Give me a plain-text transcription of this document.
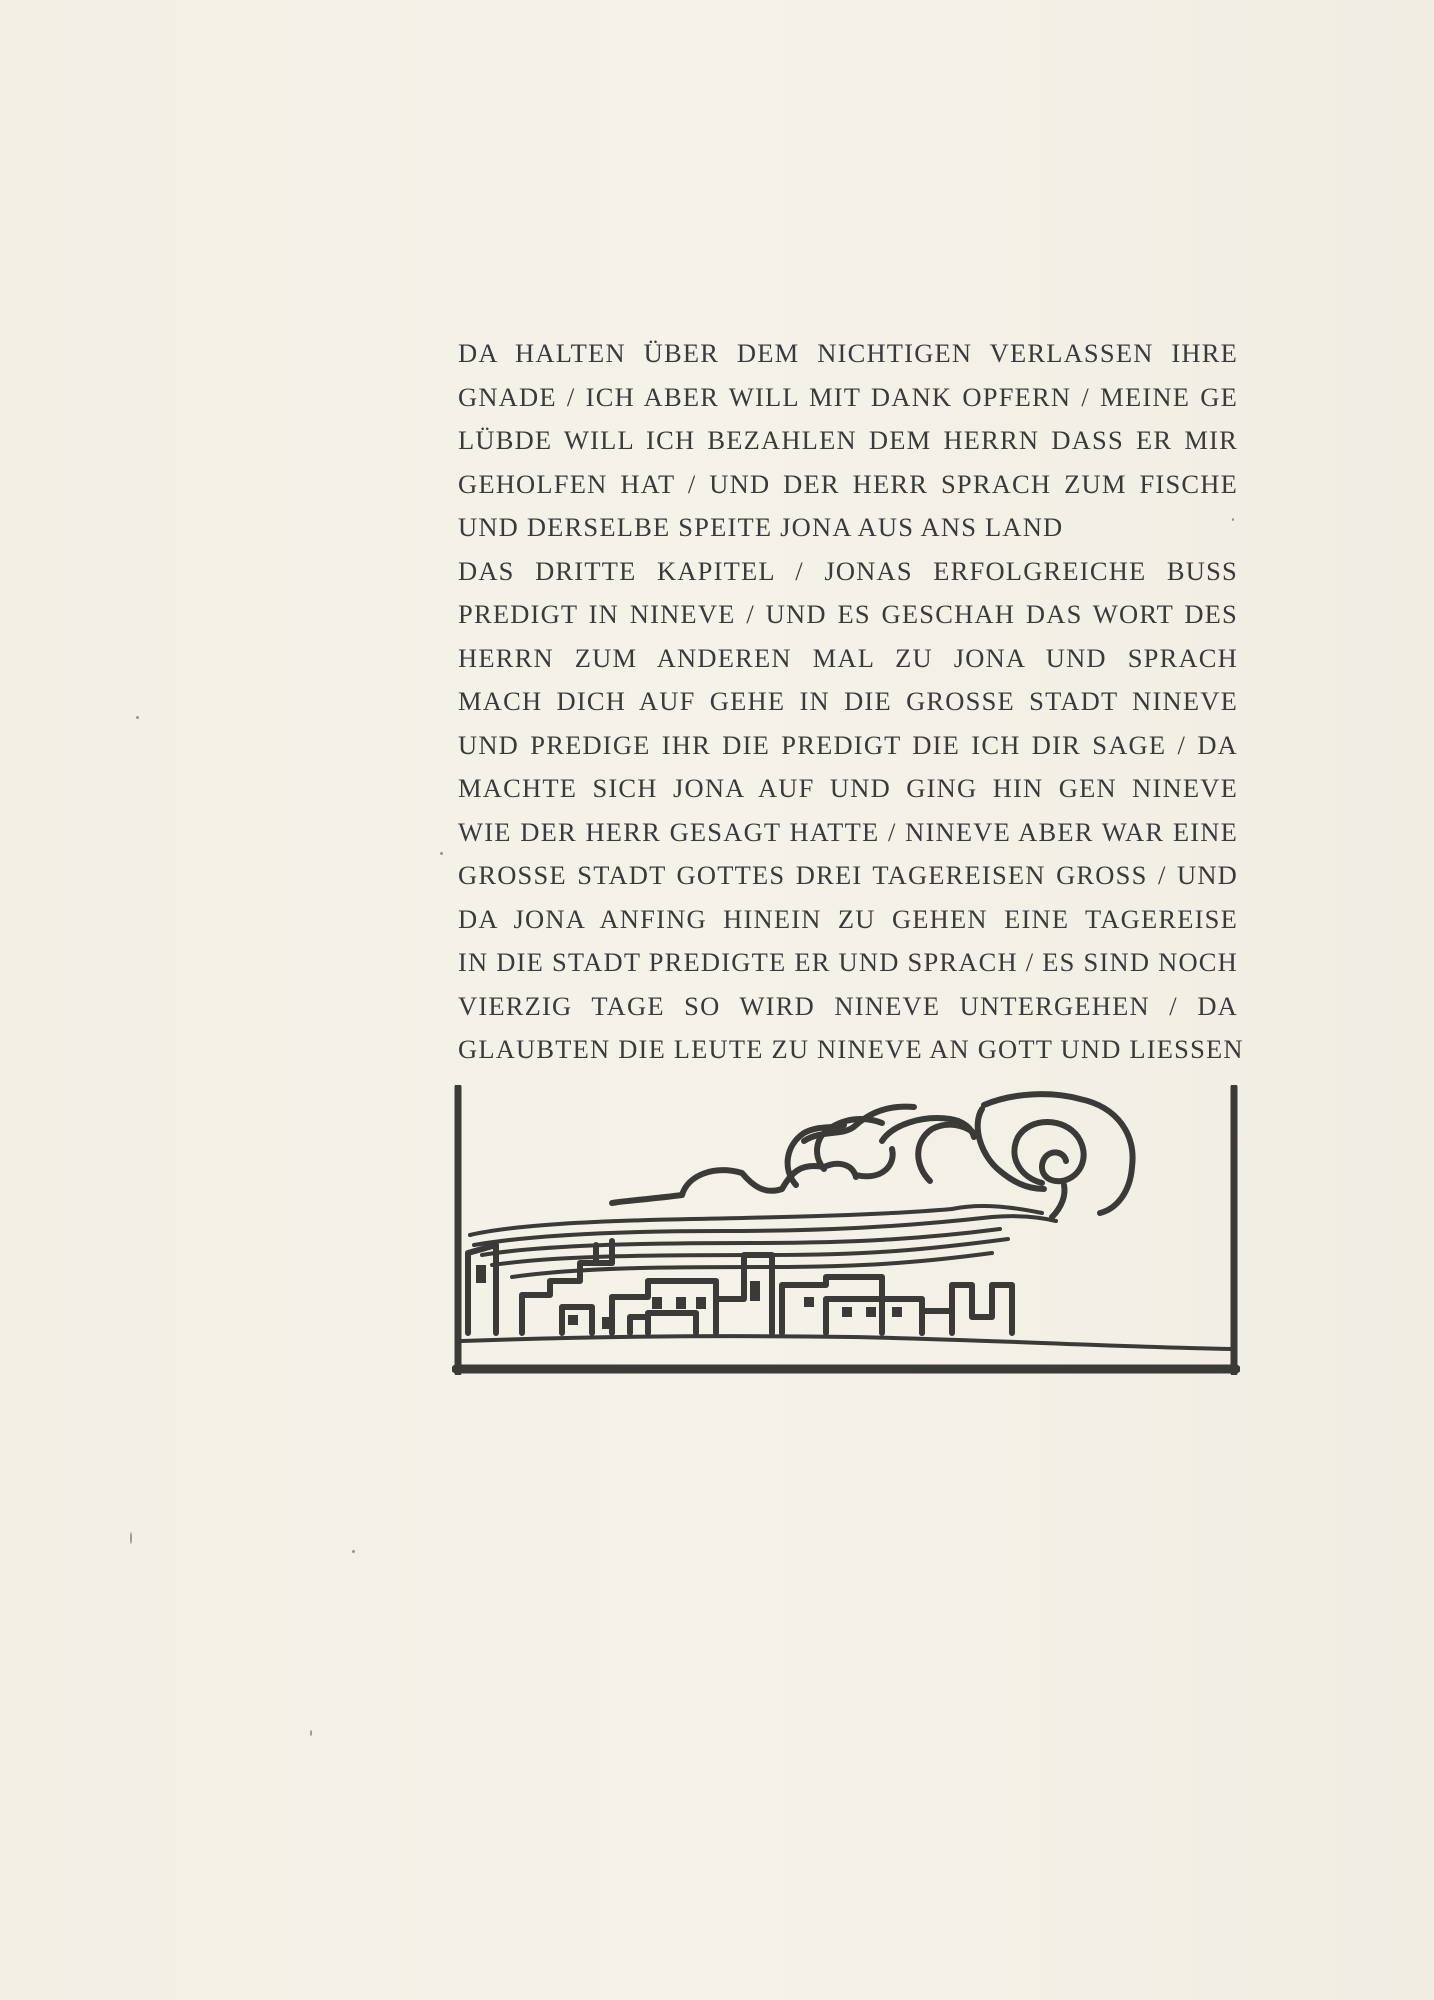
DA HALTEN ÜBER DEM NICHTIGEN VERLASSEN IHRE
GNADE / ICH ABER WILL MIT DANK OPFERN / MEINE GE
LÜBDE WILL ICH BEZAHLEN DEM HERRN DASS ER MIR
GEHOLFEN HAT / UND DER HERR SPRACH ZUM FISCHE
UND DERSELBE SPEITE JONA AUS ANS LAND
DAS DRITTE KAPITEL / JONAS ERFOLGREICHE BUSS
PREDIGT IN NINEVE / UND ES GESCHAH DAS WORT DES
HERRN ZUM ANDEREN MAL ZU JONA UND SPRACH
MACH DICH AUF GEHE IN DIE GROSSE STADT NINEVE
UND PREDIGE IHR DIE PREDIGT DIE ICH DIR SAGE / DA
MACHTE SICH JONA AUF UND GING HIN GEN NINEVE
WIE DER HERR GESAGT HATTE / NINEVE ABER WAR EINE
GROSSE STADT GOTTES DREI TAGEREISEN GROSS / UND
DA JONA ANFING HINEIN ZU GEHEN EINE TAGEREISE
IN DIE STADT PREDIGTE ER UND SPRACH / ES SIND NOCH
VIERZIG TAGE SO WIRD NINEVE UNTERGEHEN / DA
GLAUBTEN DIE LEUTE ZU NINEVE AN GOTT UND LIESSEN
